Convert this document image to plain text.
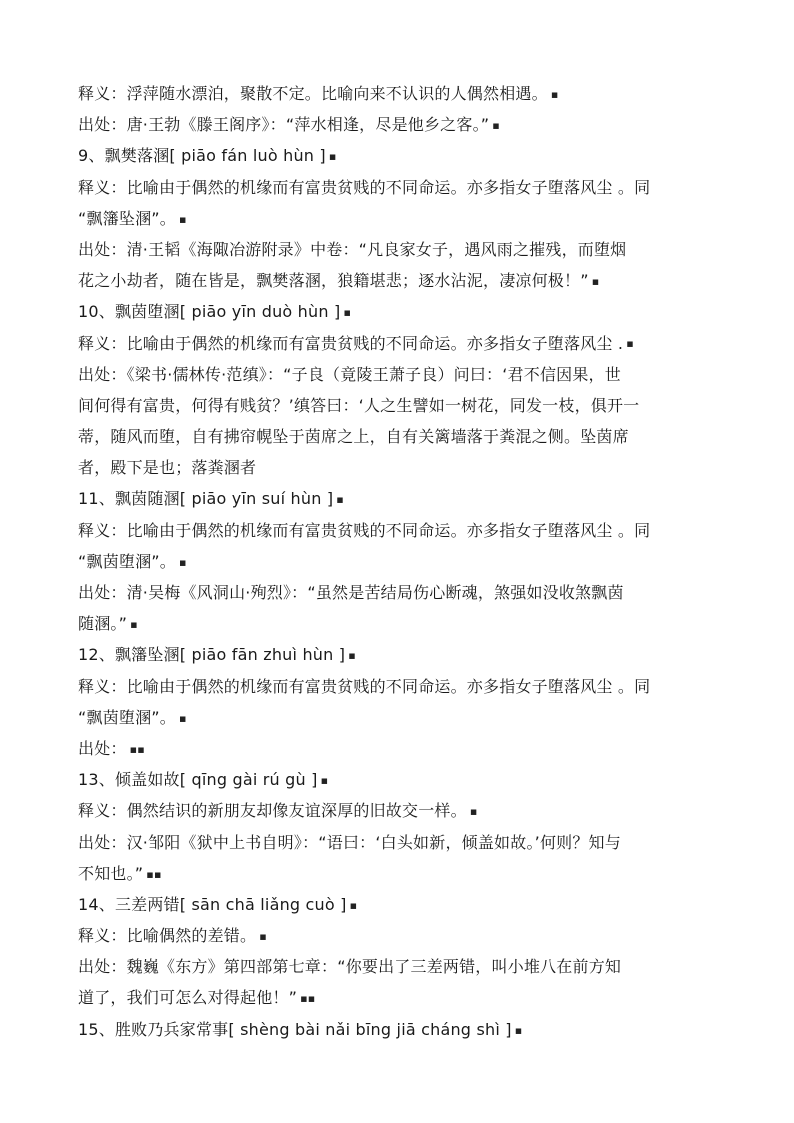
释义：浮萍随水漂泊，聚散不定。比喻向来不认识的人偶然相遇。 ▪
出处：唐·王勃《滕王阁序》：“萍水相逢，尽是他乡之客。” ▪
9、飘樊落溷[ piāo fán luò hùn ] ▪
释义：比喻由于偶然的机缘而有富贵贫贱的不同命运。亦多指女子堕落风尘 。同
“飘籓坠溷”。 ▪
出处：清·王韬《海陬冶游附录》中卷：“凡良家女子，遇风雨之摧残，而堕烟
花之小劫者，随在皆是，飘樊落溷，狼籍堪悲；逐水沾泥，凄凉何极！” ▪
10、飘茵堕溷[ piāo yīn duò hùn ] ▪
释义：比喻由于偶然的机缘而有富贵贫贱的不同命运。亦多指女子堕落风尘 . ▪
出处：《梁书·儒林传·范缜》：“子良（竟陵王萧子良）问曰：‘君不信因果，世
间何得有富贵，何得有贱贫？’缜答曰：‘人之生譬如一树花，同发一枝，俱开一
蒂，随风而堕，自有拂帘幌坠于茵席之上，自有关篱墙落于粪混之侧。坠茵席
者，殿下是也；落粪溷者
11、飘茵随溷[ piāo yīn suí hùn ] ▪
释义：比喻由于偶然的机缘而有富贵贫贱的不同命运。亦多指女子堕落风尘 。同
“飘茵堕溷”。 ▪
出处：清·吴梅《风洞山·殉烈》：“虽然是苦结局伤心断魂，煞强如没收煞飘茵
随溷。” ▪
12、飘籓坠溷[ piāo fān zhuì hùn ] ▪
释义：比喻由于偶然的机缘而有富贵贫贱的不同命运。亦多指女子堕落风尘 。同
“飘茵堕溷”。 ▪
出处： ▪▪
13、倾盖如故[ qīng gài rú gù ] ▪
释义：偶然结识的新朋友却像友谊深厚的旧故交一样。 ▪
出处：汉·邹阳《狱中上书自明》：“语曰：‘白头如新，倾盖如故。’何则？知与
不知也。” ▪▪
14、三差两错[ sān chā liǎng cuò ] ▪
释义：比喻偶然的差错。 ▪
出处：魏巍《东方》第四部第七章：“你要出了三差两错，叫小堆八在前方知
道了，我们可怎么对得起他！” ▪▪
15、胜败乃兵家常事[ shèng bài nǎi bīng jiā cháng shì ] ▪
